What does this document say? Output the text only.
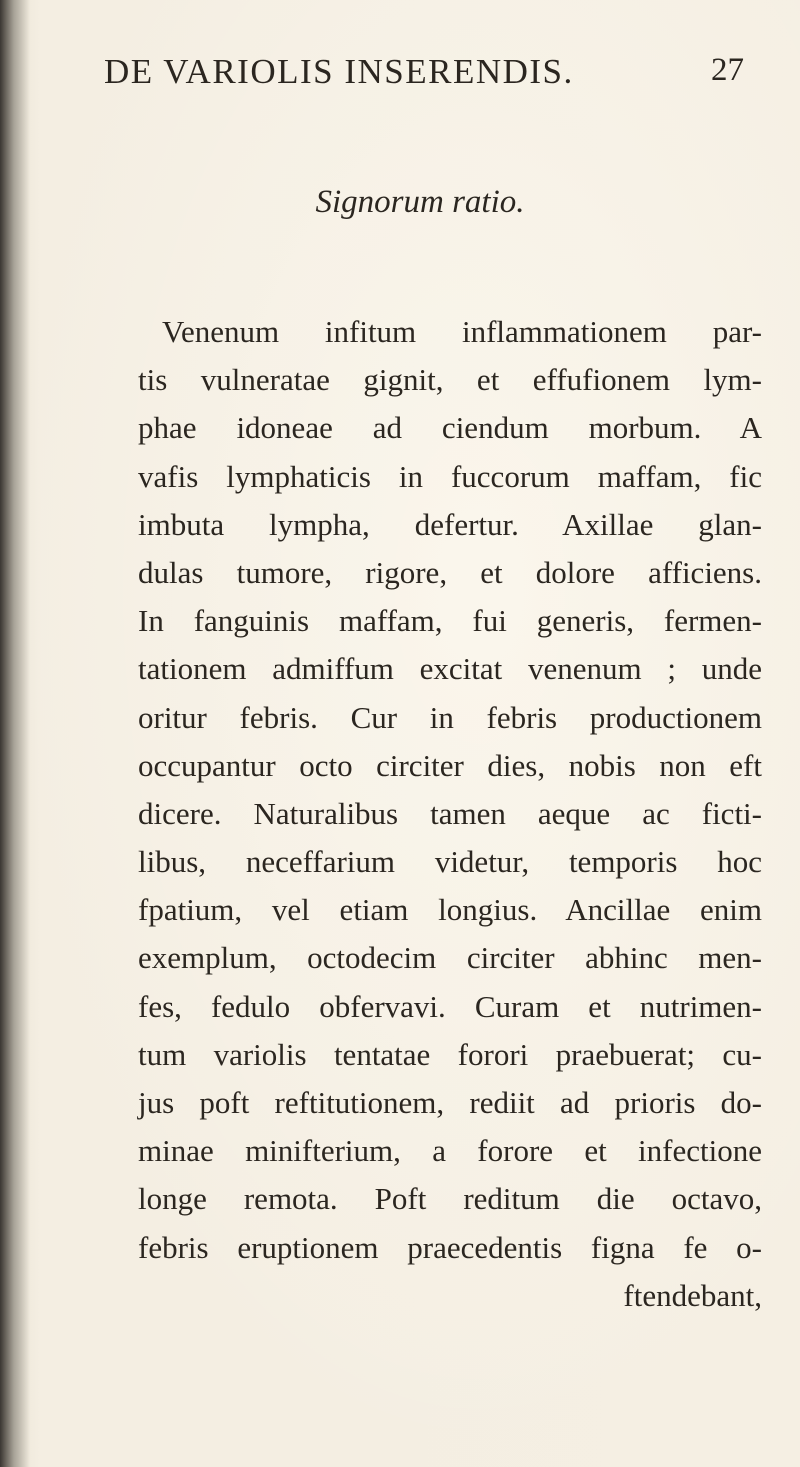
DE VARIOLIS INSERENDIS.	27
Signorum ratio.
Venenum infitum inflammationem par-
tis vulneratae gignit, et effufionem lym-
phae idoneae ad ciendum morbum. A
vafis lymphaticis in fuccorum maffam, fic
imbuta lympha, defertur. Axillae glan-
dulas tumore, rigore, et dolore afficiens.
In fanguinis maffam, fui generis, fermen-
tationem admiffum excitat venenum ; unde
oritur febris. Cur in febris productionem
occupantur octo circiter dies, nobis non eft
dicere. Naturalibus tamen aeque ac ficti-
libus, neceffarium videtur, temporis hoc
fpatium, vel etiam longius. Ancillae enim
exemplum, octodecim circiter abhinc men-
fes, fedulo obfervavi. Curam et nutrimen-
tum variolis tentatae forori praebuerat; cu-
jus poft reftitutionem, rediit ad prioris do-
minae minifterium, a forore et infectione
longe remota. Poft reditum die octavo,
febris eruptionem praecedentis figna fe o-
ftendebant,
